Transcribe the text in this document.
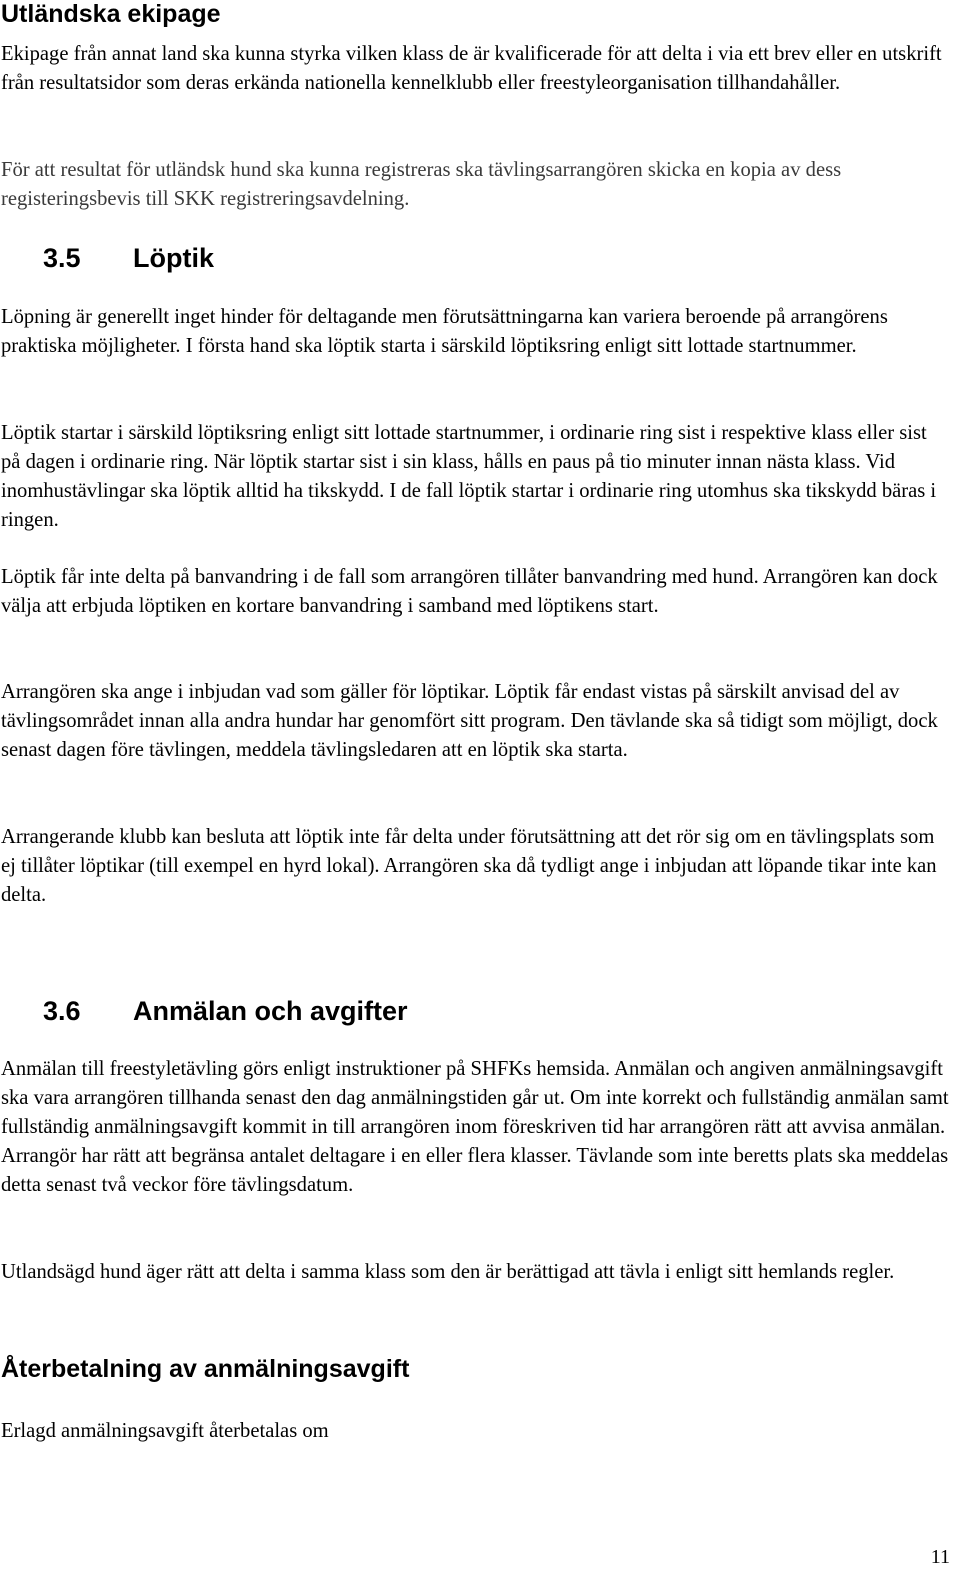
Utländska ekipage

Ekipage från annat land ska kunna styrka vilken klass de är kvalificerade för att delta i via ett brev eller en utskrift från resultatsidor som deras erkända nationella kennelklubb eller freestyleorganisation tillhandahåller.

För att resultat för utländsk hund ska kunna registreras ska tävlingsarrangören skicka en kopia av dess registeringsbevis till SKK registreringsavdelning.

3.5 Löptik

Löpning är generellt inget hinder för deltagande men förutsättningarna kan variera beroende på arrangörens praktiska möjligheter. I första hand ska löptik starta i särskild löptiksring enligt sitt lottade startnummer.

Löptik startar i särskild löptiksring enligt sitt lottade startnummer, i ordinarie ring sist i respektive klass eller sist på dagen i ordinarie ring. När löptik startar sist i sin klass, hålls en paus på tio minuter innan nästa klass. Vid inomhustävlingar ska löptik alltid ha tikskydd. I de fall löptik startar i ordinarie ring utomhus ska tikskydd bäras i ringen.

Löptik får inte delta på banvandring i de fall som arrangören tillåter banvandring med hund. Arrangören kan dock välja att erbjuda löptiken en kortare banvandring i samband med löptikens start.

Arrangören ska ange i inbjudan vad som gäller för löptikar. Löptik får endast vistas på särskilt anvisad del av tävlingsområdet innan alla andra hundar har genomfört sitt program. Den tävlande ska så tidigt som möjligt, dock senast dagen före tävlingen, meddela tävlingsledaren att en löptik ska starta.

Arrangerande klubb kan besluta att löptik inte får delta under förutsättning att det rör sig om en tävlingsplats som ej tillåter löptikar (till exempel en hyrd lokal). Arrangören ska då tydligt ange i inbjudan att löpande tikar inte kan delta.

3.6 Anmälan och avgifter

Anmälan till freestyletävling görs enligt instruktioner på SHFKs hemsida. Anmälan och angiven anmälningsavgift ska vara arrangören tillhanda senast den dag anmälningstiden går ut. Om inte korrekt och fullständig anmälan samt fullständig anmälningsavgift kommit in till arrangören inom föreskriven tid har arrangören rätt att avvisa anmälan. Arrangör har rätt att begränsa antalet deltagare i en eller flera klasser. Tävlande som inte beretts plats ska meddelas detta senast två veckor före tävlingsdatum.

Utlandsägd hund äger rätt att delta i samma klass som den är berättigad att tävla i enligt sitt hemlands regler.

Återbetalning av anmälningsavgift

Erlagd anmälningsavgift återbetalas om

11
